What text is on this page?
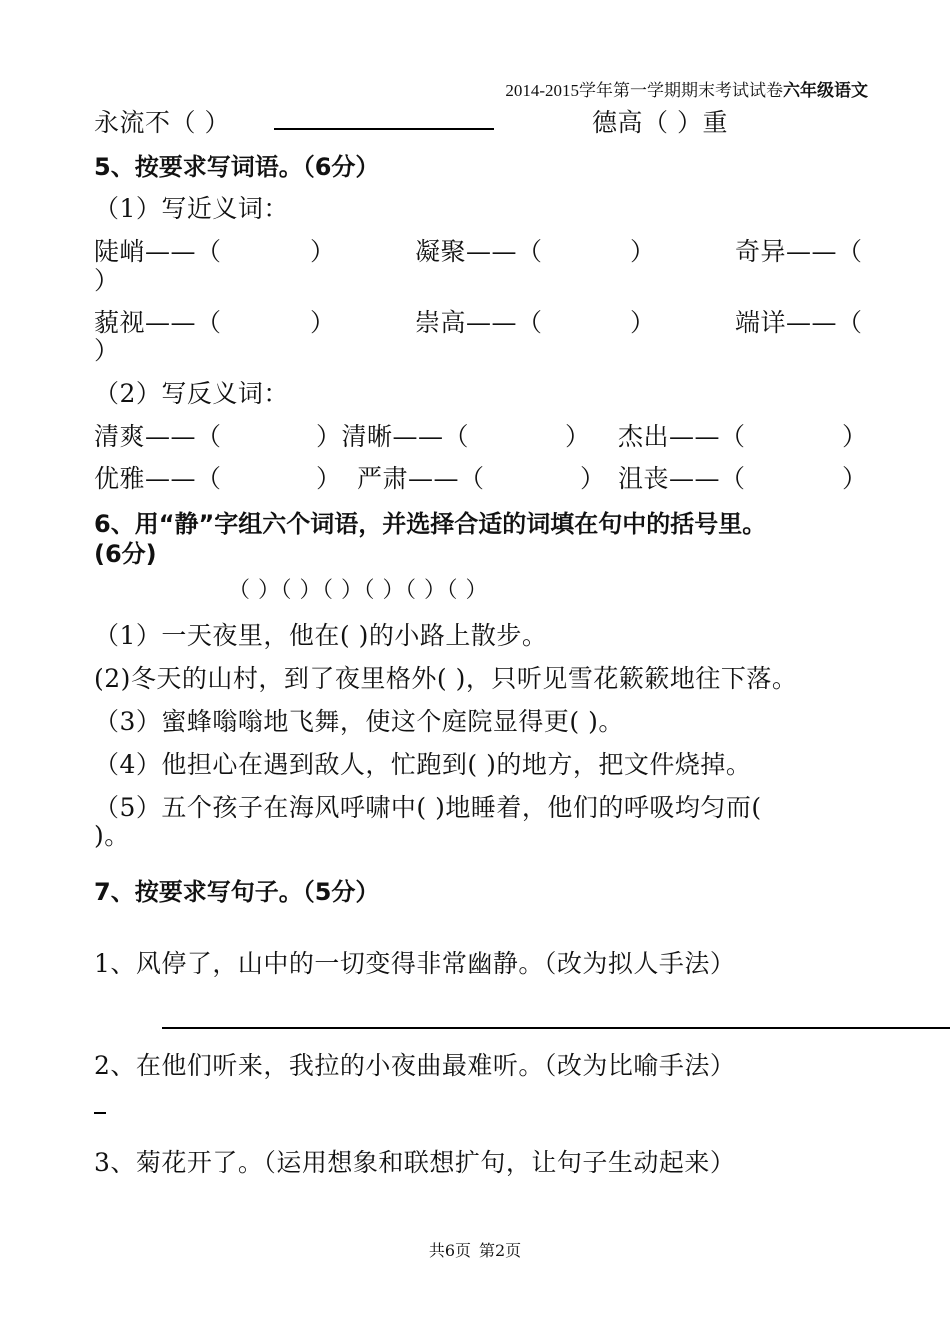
2014-2015学年第一学期期末考试试卷六年级语文
永流不（ ）	德高（ ）重
5、按要求写词语。（6分）
（1）写近义词：
陡峭——（	）	凝聚——（	）	奇异——（
）
藐视——（	）	崇高——（	）	端详——（
）
（2）写反义词：
清爽——（	）清晰——（	） 杰出——（	）
优雅——（	） 严肃——（	） 沮丧——（	）
6、用“静”字组六个词语，并选择合适的词填在句中的括号里。
(6分)
（ ）（ ）（ ）（ ）（ ）（ ）
（1）一天夜里，他在( )的小路上散步。
(2)冬天的山村，到了夜里格外( )，只听见雪花簌簌地往下落。
（3）蜜蜂嗡嗡地飞舞，使这个庭院显得更( )。
（4）他担心在遇到敌人，忙跑到( )的地方，把文件烧掉。
（5）五个孩子在海风呼啸中( )地睡着，他们的呼吸均匀而(
)。
7、按要求写句子。（5分）
1、风停了，山中的一切变得非常幽静。（改为拟人手法）
2、在他们听来，我拉的小夜曲最难听。（改为比喻手法）
3、菊花开了。（运用想象和联想扩句，让句子生动起来）
共6页 第2页
